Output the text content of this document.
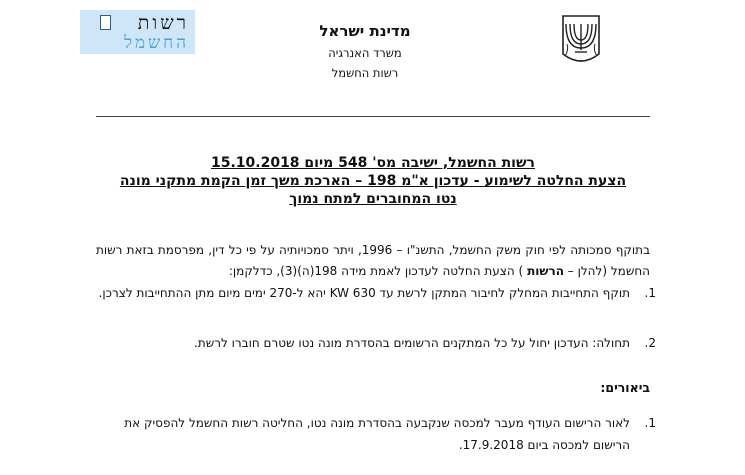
מדינת ישראל
משרד האנרגיה
רשות החשמל
רשות
החשמל
רשות החשמל, ישיבה מס' 548 מיום 15.10.2018
הצעת החלטה לשימוע - עדכון א"מ 198 – הארכת משך זמן הקמת מתקני מונה
נטו המחוברים למתח נמוך
בתוקף סמכותה לפי חוק משק החשמל, התשנ"ו – 1996, ויתר סמכויותיה על פי כל דין, מפרסמת בזאת רשות החשמל (להלן – הרשות ) הצעת החלטה לעדכון לאמת מידה 198(ה)(3), כדלקמן:
1.
תוקף התחייבות המחלק לחיבור המתקן לרשת עד KW 630 יהא ל-270 ימים מיום מתן ההתחייבות לצרכן.
2.
תחולה: העדכון יחול על כל המתקנים הרשומים בהסדרת מונה נטו שטרם חוברו לרשת.
ביאורים:
1.
לאור הרישום העודף מעבר למכסה שנקבעה בהסדרת מונה נטו, החליטה רשות החשמל להפסיק את הרישום למכסה ביום 17.9.2018.
